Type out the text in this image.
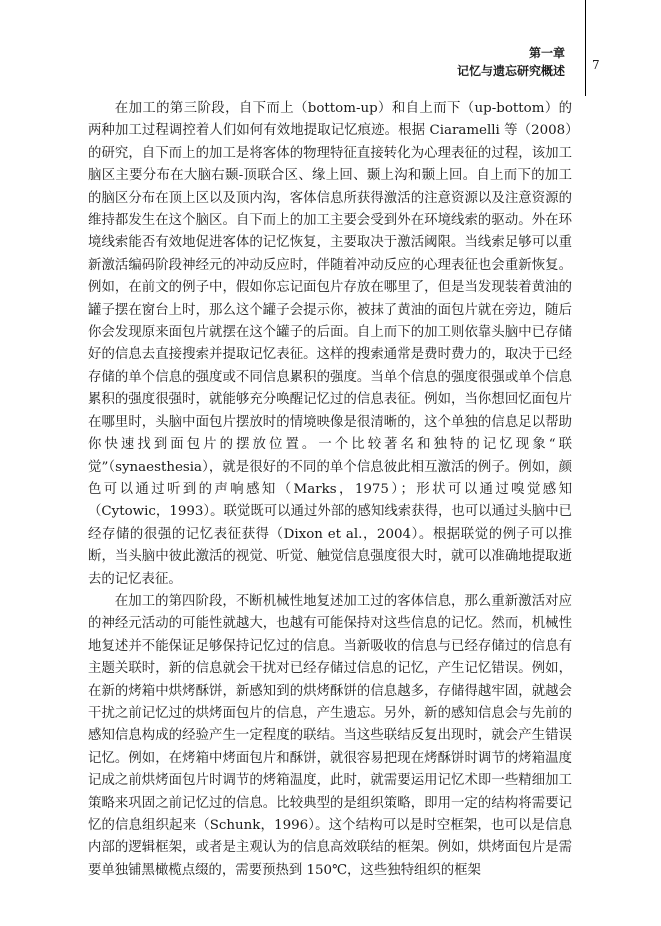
第一章
记忆与遗忘研究概述 7

在加工的第三阶段，自下而上（bottom-up）和自上而下（up-bottom）的两种加工过程调控着人们如何有效地提取记忆痕迹。根据 Ciaramelli 等（2008）的研究，自下而上的加工是将客体的物理特征直接转化为心理表征的过程，该加工脑区主要分布在大脑右颞-顶联合区、缘上回、颞上沟和颞上回。自上而下的加工的脑区分布在顶上区以及顶内沟，客体信息所获得激活的注意资源以及注意资源的维持都发生在这个脑区。自下而上的加工主要会受到外在环境线索的驱动。外在环境线索能否有效地促进客体的记忆恢复，主要取决于激活阈限。当线索足够可以重新激活编码阶段神经元的冲动反应时，伴随着冲动反应的心理表征也会重新恢复。例如，在前文的例子中，假如你忘记面包片存放在哪里了，但是当发现装着黄油的罐子摆在窗台上时，那么这个罐子会提示你，被抹了黄油的面包片就在旁边，随后你会发现原来面包片就摆在这个罐子的后面。自上而下的加工则依靠头脑中已存储好的信息去直接搜索并提取记忆表征。这样的搜索通常是费时费力的，取决于已经存储的单个信息的强度或不同信息累积的强度。当单个信息的强度很强或单个信息累积的强度很强时，就能够充分唤醒记忆过的信息表征。例如，当你想回忆面包片在哪里时，头脑中面包片摆放时的情境映像是很清晰的，这个单独的信息足以帮助你快速找到面包片的摆放位置。一个比较著名和独特的记忆现象“联觉”（synaesthesia），就是很好的不同的单个信息彼此相互激活的例子。例如，颜色可以通过听到的声响感知（Marks，1975）；形状可以通过嗅觉感知（Cytowic，1993）。联觉既可以通过外部的感知线索获得，也可以通过头脑中已经存储的很强的记忆表征获得（Dixon et al.，2004）。根据联觉的例子可以推断，当头脑中彼此激活的视觉、听觉、触觉信息强度很大时，就可以准确地提取逝去的记忆表征。

在加工的第四阶段，不断机械性地复述加工过的客体信息，那么重新激活对应的神经元活动的可能性就越大，也越有可能保持对这些信息的记忆。然而，机械性地复述并不能保证足够保持记忆过的信息。当新吸收的信息与已经存储过的信息有主题关联时，新的信息就会干扰对已经存储过信息的记忆，产生记忆错误。例如，在新的烤箱中烘烤酥饼，新感知到的烘烤酥饼的信息越多，存储得越牢固，就越会干扰之前记忆过的烘烤面包片的信息，产生遗忘。另外，新的感知信息会与先前的感知信息构成的经验产生一定程度的联结。当这些联结反复出现时，就会产生错误记忆。例如，在烤箱中烤面包片和酥饼，就很容易把现在烤酥饼时调节的烤箱温度记成之前烘烤面包片时调节的烤箱温度，此时，就需要运用记忆术即一些精细加工策略来巩固之前记忆过的信息。比较典型的是组织策略，即用一定的结构将需要记忆的信息组织起来（Schunk，1996）。这个结构可以是时空框架，也可以是信息内部的逻辑框架，或者是主观认为的信息高效联结的框架。例如，烘烤面包片是需要单独铺黑橄榄点缀的，需要预热到 150℃，这些独特组织的框架
